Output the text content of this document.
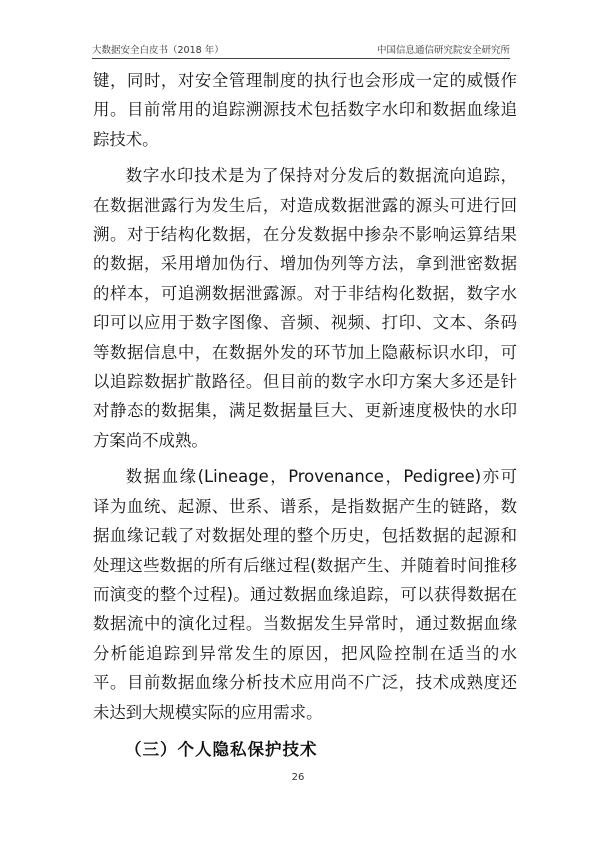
大数据安全白皮书（2018 年）	中国信息通信研究院安全研究所

键，同时，对安全管理制度的执行也会形成一定的威慑作用。目前常用的追踪溯源技术包括数字水印和数据血缘追踪技术。

数字水印技术是为了保持对分发后的数据流向追踪，在数据泄露行为发生后，对造成数据泄露的源头可进行回溯。对于结构化数据，在分发数据中掺杂不影响运算结果的数据，采用增加伪行、增加伪列等方法，拿到泄密数据的样本，可追溯数据泄露源。对于非结构化数据，数字水印可以应用于数字图像、音频、视频、打印、文本、条码等数据信息中，在数据外发的环节加上隐蔽标识水印，可以追踪数据扩散路径。但目前的数字水印方案大多还是针对静态的数据集，满足数据量巨大、更新速度极快的水印方案尚不成熟。

数据血缘(Lineage，Provenance，Pedigree)亦可译为血统、起源、世系、谱系，是指数据产生的链路，数据血缘记载了对数据处理的整个历史，包括数据的起源和处理这些数据的所有后继过程(数据产生、并随着时间推移而演变的整个过程)。通过数据血缘追踪，可以获得数据在数据流中的演化过程。当数据发生异常时，通过数据血缘分析能追踪到异常发生的原因，把风险控制在适当的水平。目前数据血缘分析技术应用尚不广泛，技术成熟度还未达到大规模实际的应用需求。

（三）个人隐私保护技术
26
